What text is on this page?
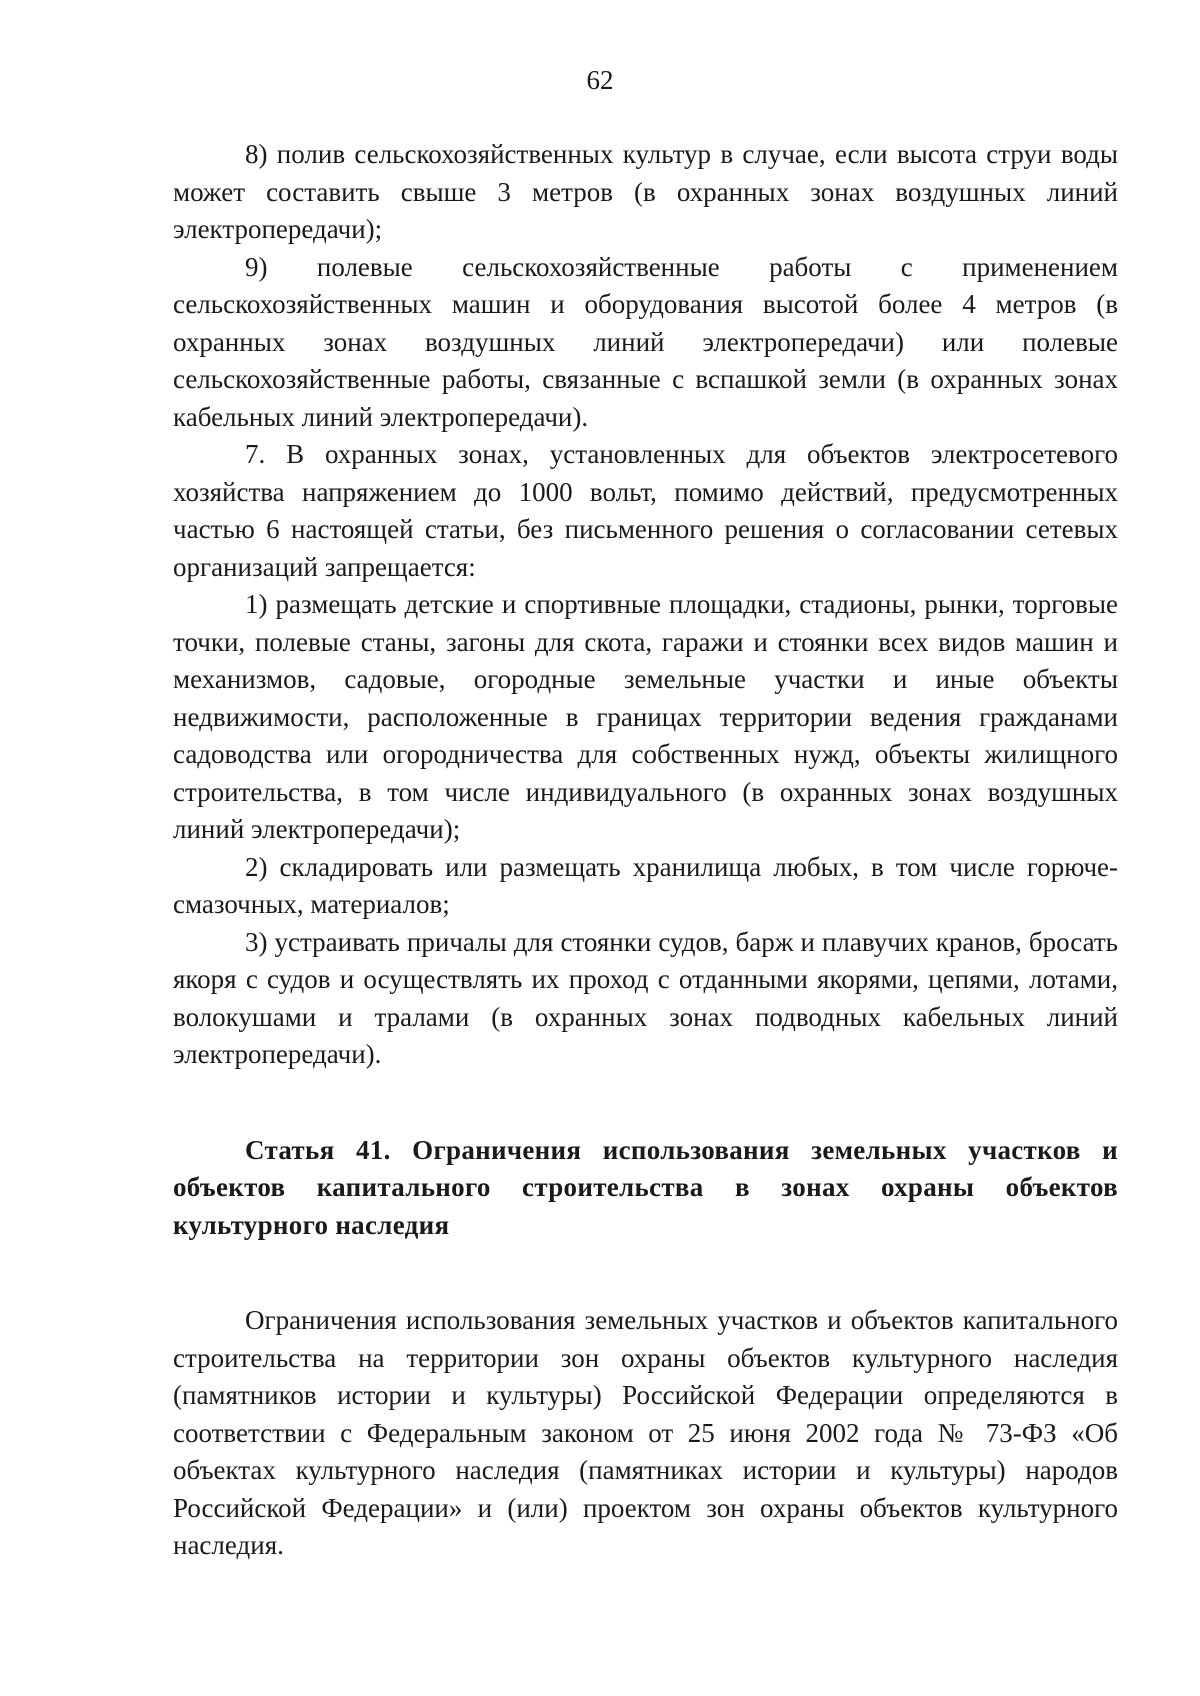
62

8) полив сельскохозяйственных культур в случае, если высота струи воды может составить свыше 3 метров (в охранных зонах воздушных линий электропередачи);

9) полевые сельскохозяйственные работы с применением сельскохозяйственных машин и оборудования высотой более 4 метров (в охранных зонах воздушных линий электропередачи) или полевые сельскохозяйственные работы, связанные с вспашкой земли (в охранных зонах кабельных линий электропередачи).

7. В охранных зонах, установленных для объектов электросетевого хозяйства напряжением до 1000 вольт, помимо действий, предусмотренных частью 6 настоящей статьи, без письменного решения о согласовании сетевых организаций запрещается:

1) размещать детские и спортивные площадки, стадионы, рынки, торговые точки, полевые станы, загоны для скота, гаражи и стоянки всех видов машин и механизмов, садовые, огородные земельные участки и иные объекты недвижимости, расположенные в границах территории ведения гражданами садоводства или огородничества для собственных нужд, объекты жилищного строительства, в том числе индивидуального (в охранных зонах воздушных линий электропередачи);

2) складировать или размещать хранилища любых, в том числе горюче-смазочных, материалов;

3) устраивать причалы для стоянки судов, барж и плавучих кранов, бросать якоря с судов и осуществлять их проход с отданными якорями, цепями, лотами, волокушами и тралами (в охранных зонах подводных кабельных линий электропередачи).

Статья 41. Ограничения использования земельных участков и объектов капитального строительства в зонах охраны объектов культурного наследия

Ограничения использования земельных участков и объектов капитального строительства на территории зон охраны объектов культурного наследия (памятников истории и культуры) Российской Федерации определяются в соответствии с Федеральным законом от 25 июня 2002 года № 73-ФЗ «Об объектах культурного наследия (памятниках истории и культуры) народов Российской Федерации» и (или) проектом зон охраны объектов культурного наследия.
